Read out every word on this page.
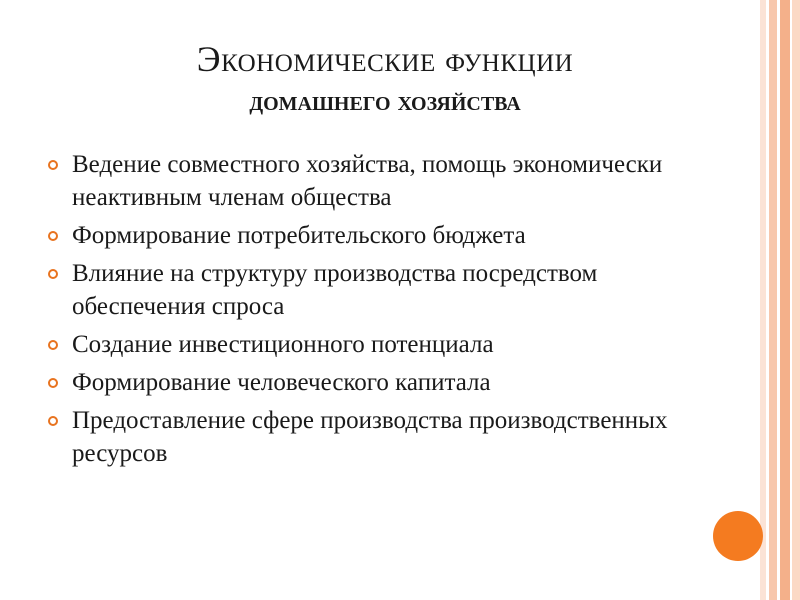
Экономические функции
домашнего хозяйства
Ведение совместного хозяйства, помощь экономически неактивным членам общества
Формирование потребительского бюджета
Влияние на структуру производства посредством обеспечения спроса
Создание инвестиционного потенциала
Формирование человеческого капитала
Предоставление сфере производства производственных ресурсов
